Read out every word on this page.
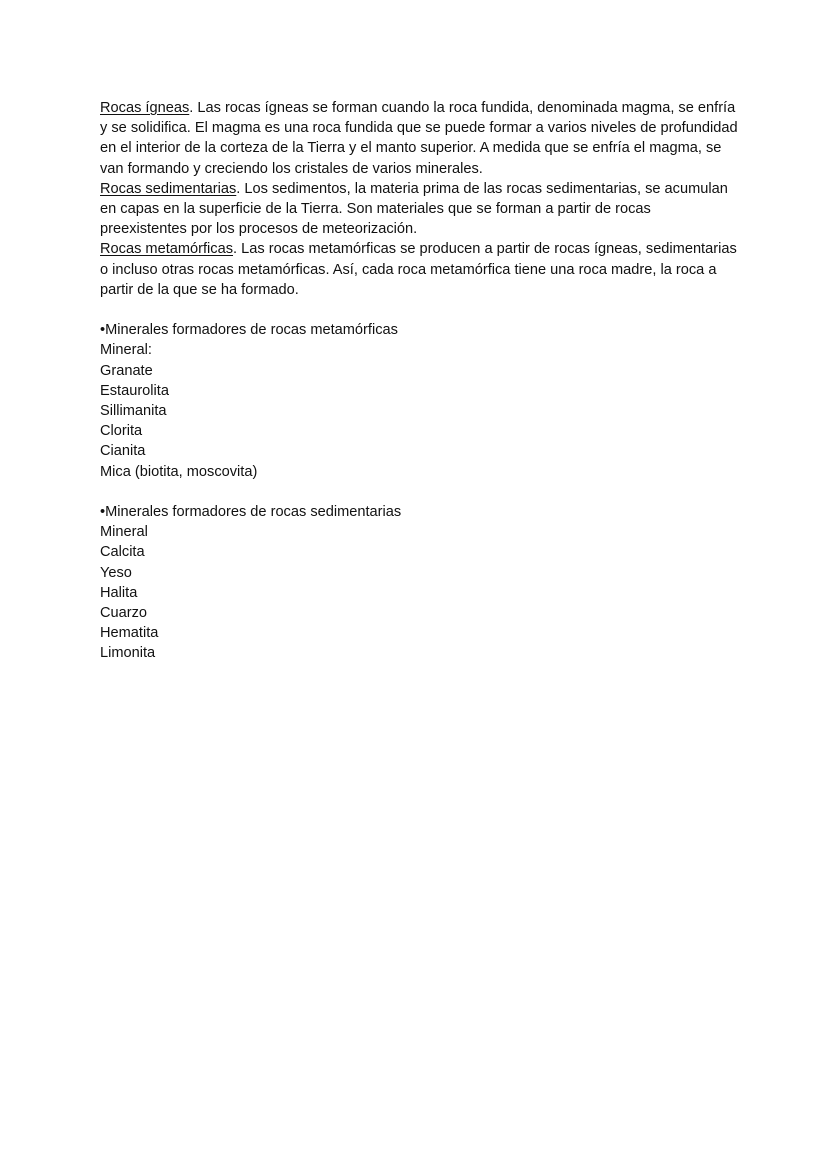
Rocas ígneas. Las rocas ígneas se forman cuando la roca fundida, denominada magma, se enfría y se solidifica. El magma es una roca fundida que se puede formar a varios niveles de profundidad en el interior de la corteza de la Tierra y el manto superior. A medida que se enfría el magma, se van formando y creciendo los cristales de varios minerales.

Rocas sedimentarias. Los sedimentos, la materia prima de las rocas sedimentarias, se acumulan en capas en la superficie de la Tierra. Son materiales que se forman a partir de rocas preexistentes por los procesos de meteorización.

Rocas metamórficas. Las rocas metamórficas se producen a partir de rocas ígneas, sedimentarias o incluso otras rocas metamórficas. Así, cada roca metamórfica tiene una roca madre, la roca a partir de la que se ha formado.

•Minerales formadores de rocas metamórficas

Mineral:

Granate

Estaurolita

Sillimanita

Clorita

Cianita

Mica (biotita, moscovita)

•Minerales formadores de rocas sedimentarias

Mineral

Calcita

Yeso

Halita

Cuarzo

Hematita

Limonita
